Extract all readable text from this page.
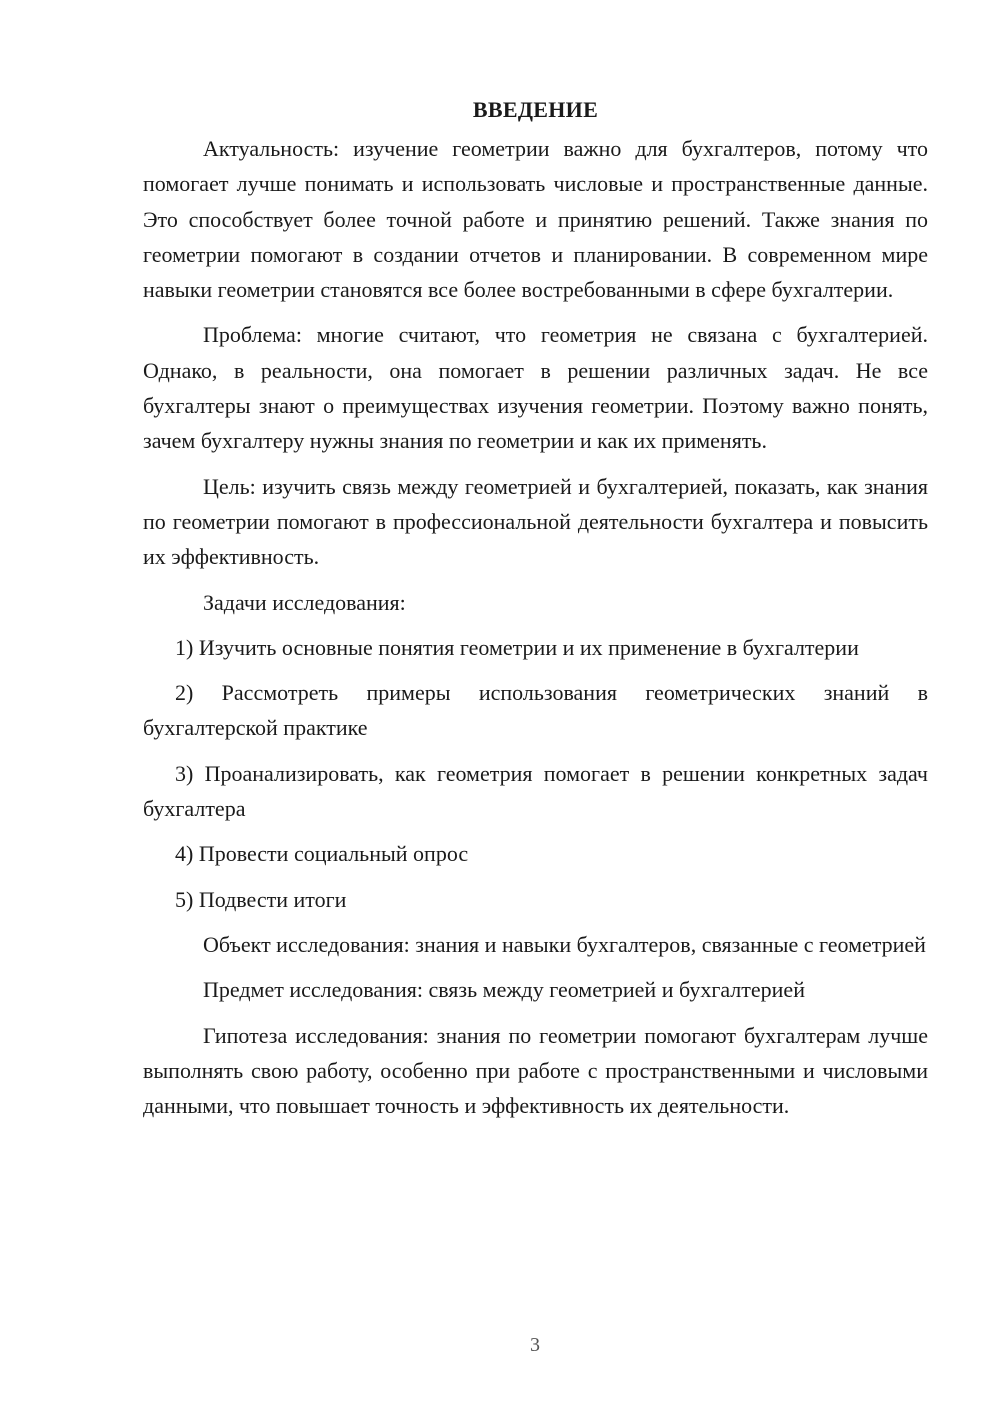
ВВЕДЕНИЕ

Актуальность: изучение геометрии важно для бухгалтеров, потому что помогает лучше понимать и использовать числовые и пространственные данные. Это способствует более точной работе и принятию решений. Также знания по геометрии помогают в создании отчетов и планировании. В современном мире навыки геометрии становятся все более востребованными в сфере бухгалтерии.

Проблема: многие считают, что геометрия не связана с бухгалтерией. Однако, в реальности, она помогает в решении различных задач. Не все бухгалтеры знают о преимуществах изучения геометрии. Поэтому важно понять, зачем бухгалтеру нужны знания по геометрии и как их применять.

Цель: изучить связь между геометрией и бухгалтерией, показать, как знания по геометрии помогают в профессиональной деятельности бухгалтера и повысить их эффективность.

Задачи исследования:

1) Изучить основные понятия геометрии и их применение в бухгалтерии

2) Рассмотреть примеры использования геометрических знаний в бухгалтерской практике

3) Проанализировать, как геометрия помогает в решении конкретных задач бухгалтера

4) Провести социальный опрос

5) Подвести итоги

Объект исследования: знания и навыки бухгалтеров, связанные с геометрией

Предмет исследования: связь между геометрией и бухгалтерией

Гипотеза исследования: знания по геометрии помогают бухгалтерам лучше выполнять свою работу, особенно при работе с пространственными и числовыми данными, что повышает точность и эффективность их деятельности.

3
